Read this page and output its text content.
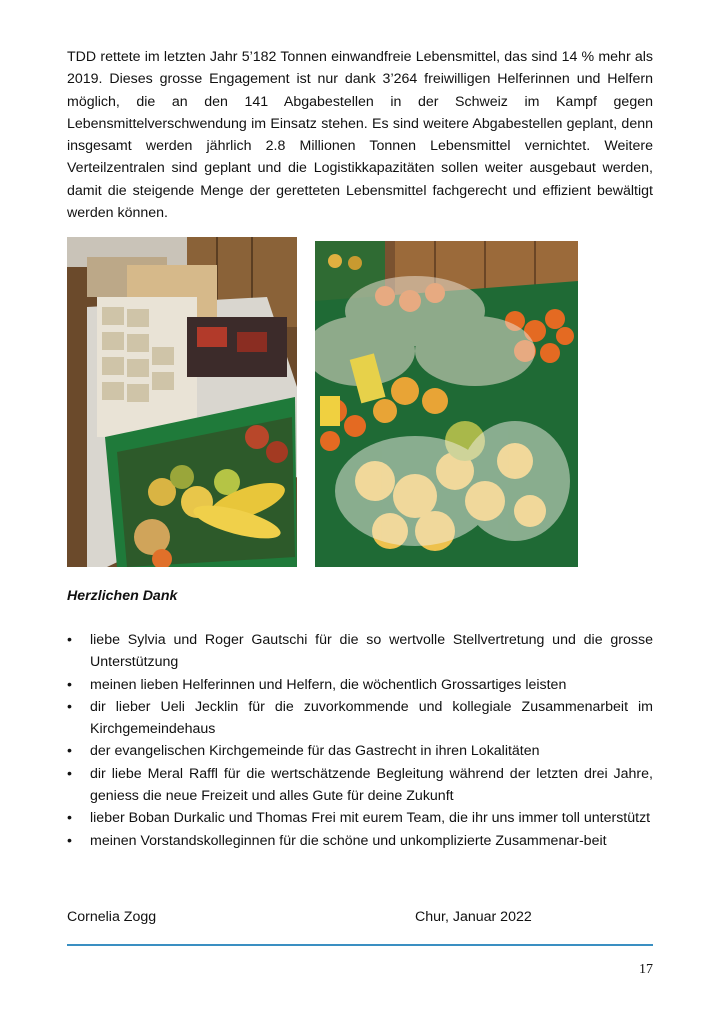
TDD rettete im letzten Jahr 5’182 Tonnen einwandfreie Lebensmittel, das sind 14 % mehr als 2019. Dieses grosse Engagement ist nur dank 3’264 freiwilligen Helferinnen und Helfern möglich, die an den 141 Abgabestellen in der Schweiz im Kampf gegen Lebensmittelverschwendung im Einsatz stehen. Es sind weitere Abgabestellen geplant, denn insgesamt werden jährlich 2.8 Millionen Tonnen Lebensmittel vernichtet. Weitere Verteilzentralen sind geplant und die Logistikkapazitäten sollen weiter ausgebaut werden, damit die steigende Menge der geretteten Lebensmittel fachgerecht und effizient bewältigt werden können.

Herzlichen Dank

• liebe Sylvia und Roger Gautschi für die so wertvolle Stellvertretung und die grosse Unterstützung
• meinen lieben Helferinnen und Helfern, die wöchentlich Grossartiges leisten
• dir lieber Ueli Jecklin für die zuvorkommende und kollegiale Zusammenarbeit im Kirchgemeindehaus
• der evangelischen Kirchgemeinde für das Gastrecht in ihren Lokalitäten
• dir liebe Meral Raffl für die wertschätzende Begleitung während der letzten drei Jahre, geniess die neue Freizeit und alles Gute für deine Zukunft
• lieber Boban Durkalic und Thomas Frei mit eurem Team, die ihr uns immer toll unterstützt
• meinen Vorstandskolleginnen für die schöne und unkomplizierte Zusammenar-beit
Cornelia Zogg	Chur, Januar 2022
17
